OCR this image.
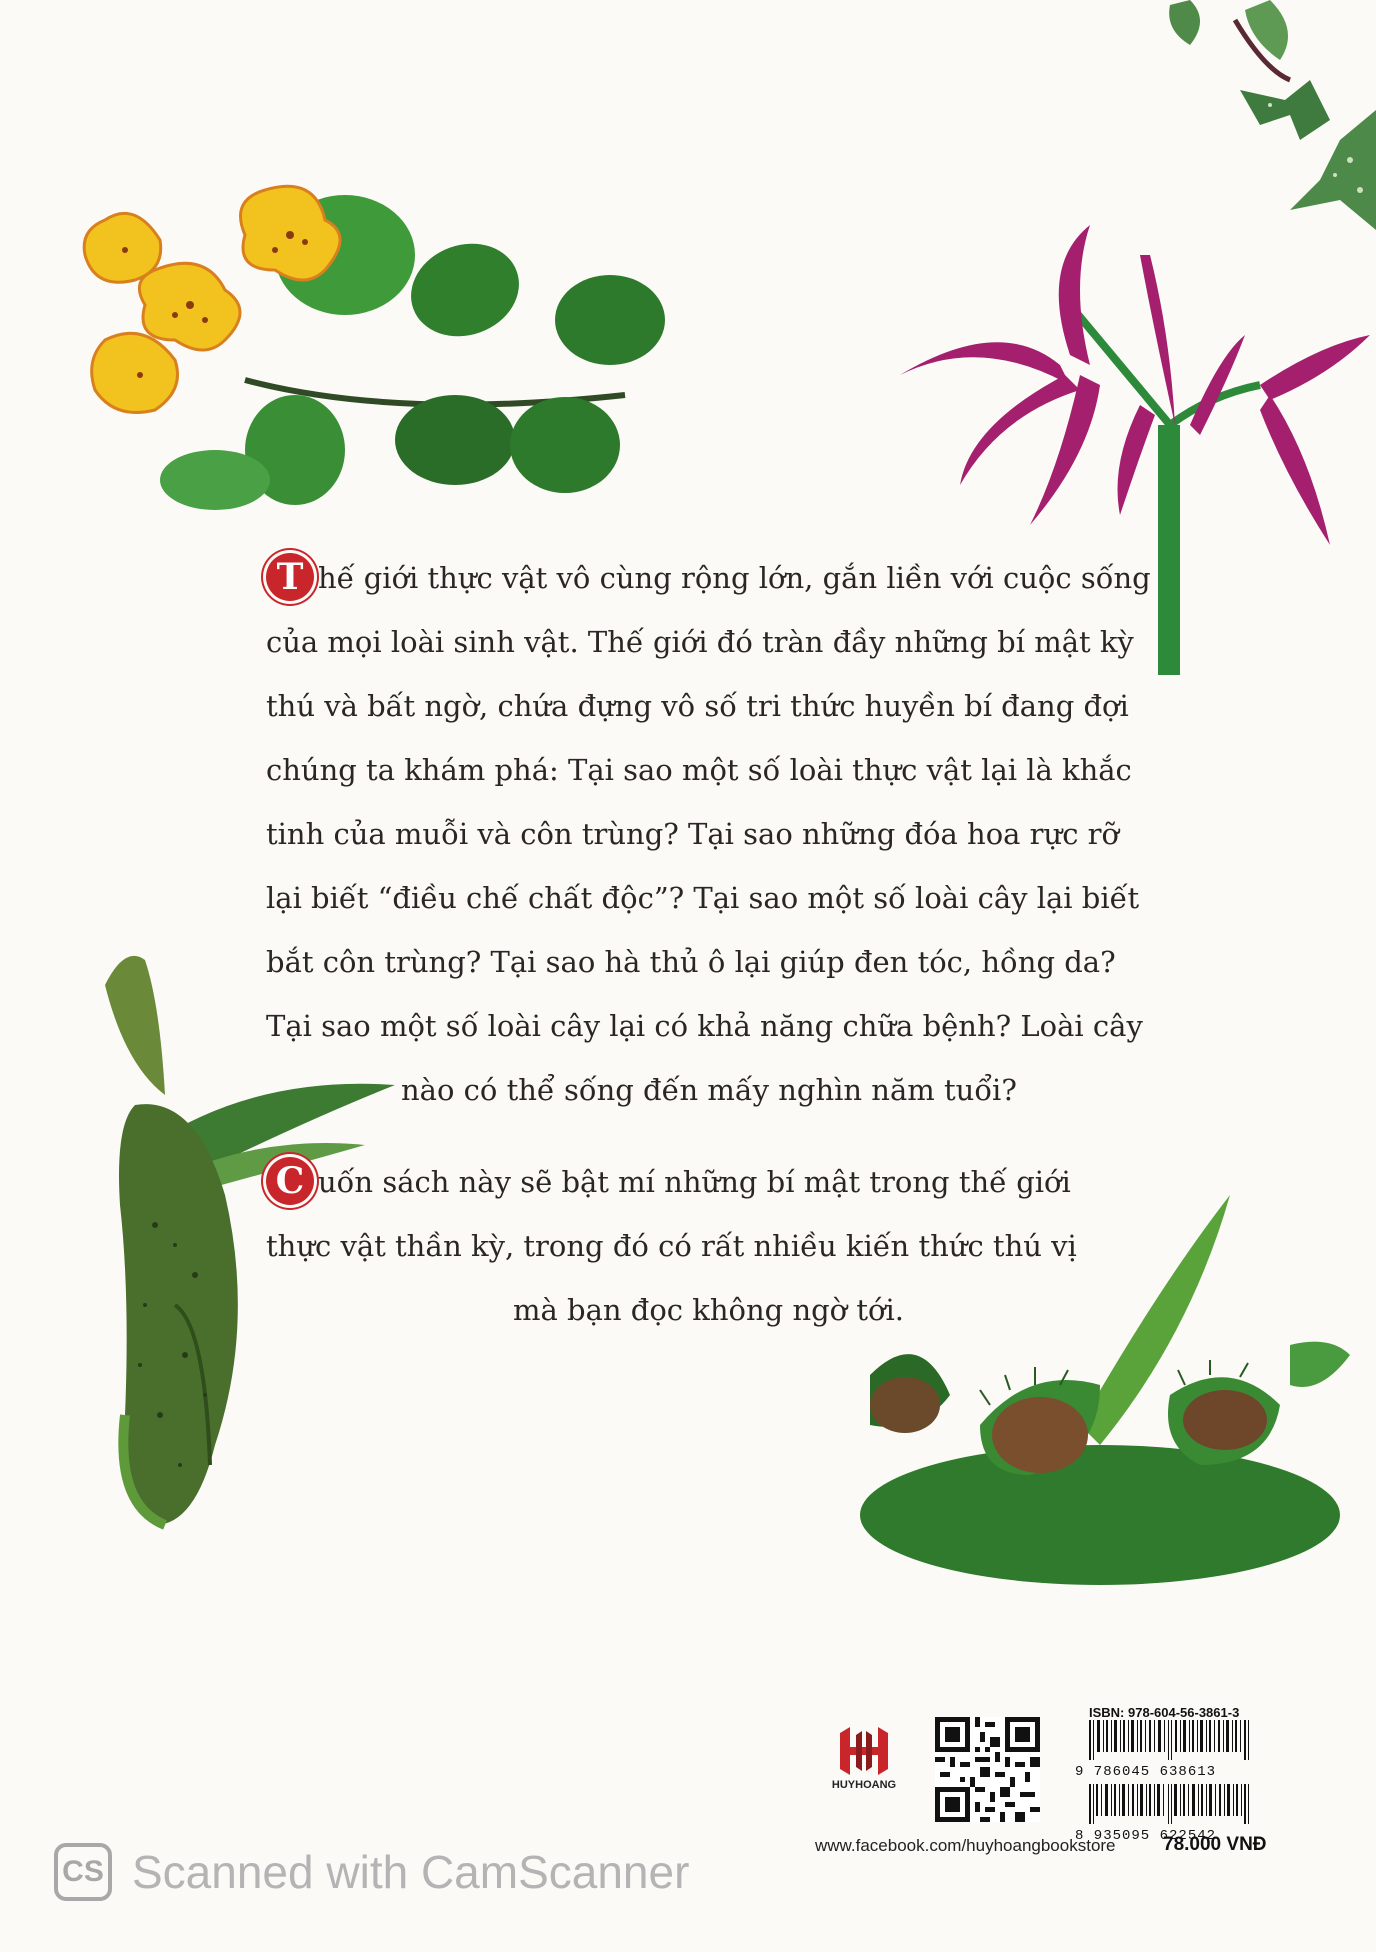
T hế giới thực vật vô cùng rộng lớn, gắn liền với cuộc sống
của mọi loài sinh vật. Thế giới đó tràn đầy những bí mật kỳ
thú và bất ngờ, chứa đựng vô số tri thức huyền bí đang đợi
chúng ta khám phá: Tại sao một số loài thực vật lại là khắc
tinh của muỗi và côn trùng? Tại sao những đóa hoa rực rỡ
lại biết “điều chế chất độc”? Tại sao một số loài cây lại biết
bắt côn trùng? Tại sao hà thủ ô lại giúp đen tóc, hồng da?
Tại sao một số loài cây lại có khả năng chữa bệnh? Loài cây
nào có thể sống đến mấy nghìn năm tuổi?
C uốn sách này sẽ bật mí những bí mật trong thế giới
thực vật thần kỳ, trong đó có rất nhiều kiến thức thú vị
mà bạn đọc không ngờ tới.
HUYHOANG
ISBN: 978-604-56-3861-3
9 786045 638613
8 935095 622542
www.facebook.com/huyhoangbookstore 78.000 VNĐ
CS Scanned with CamScanner
